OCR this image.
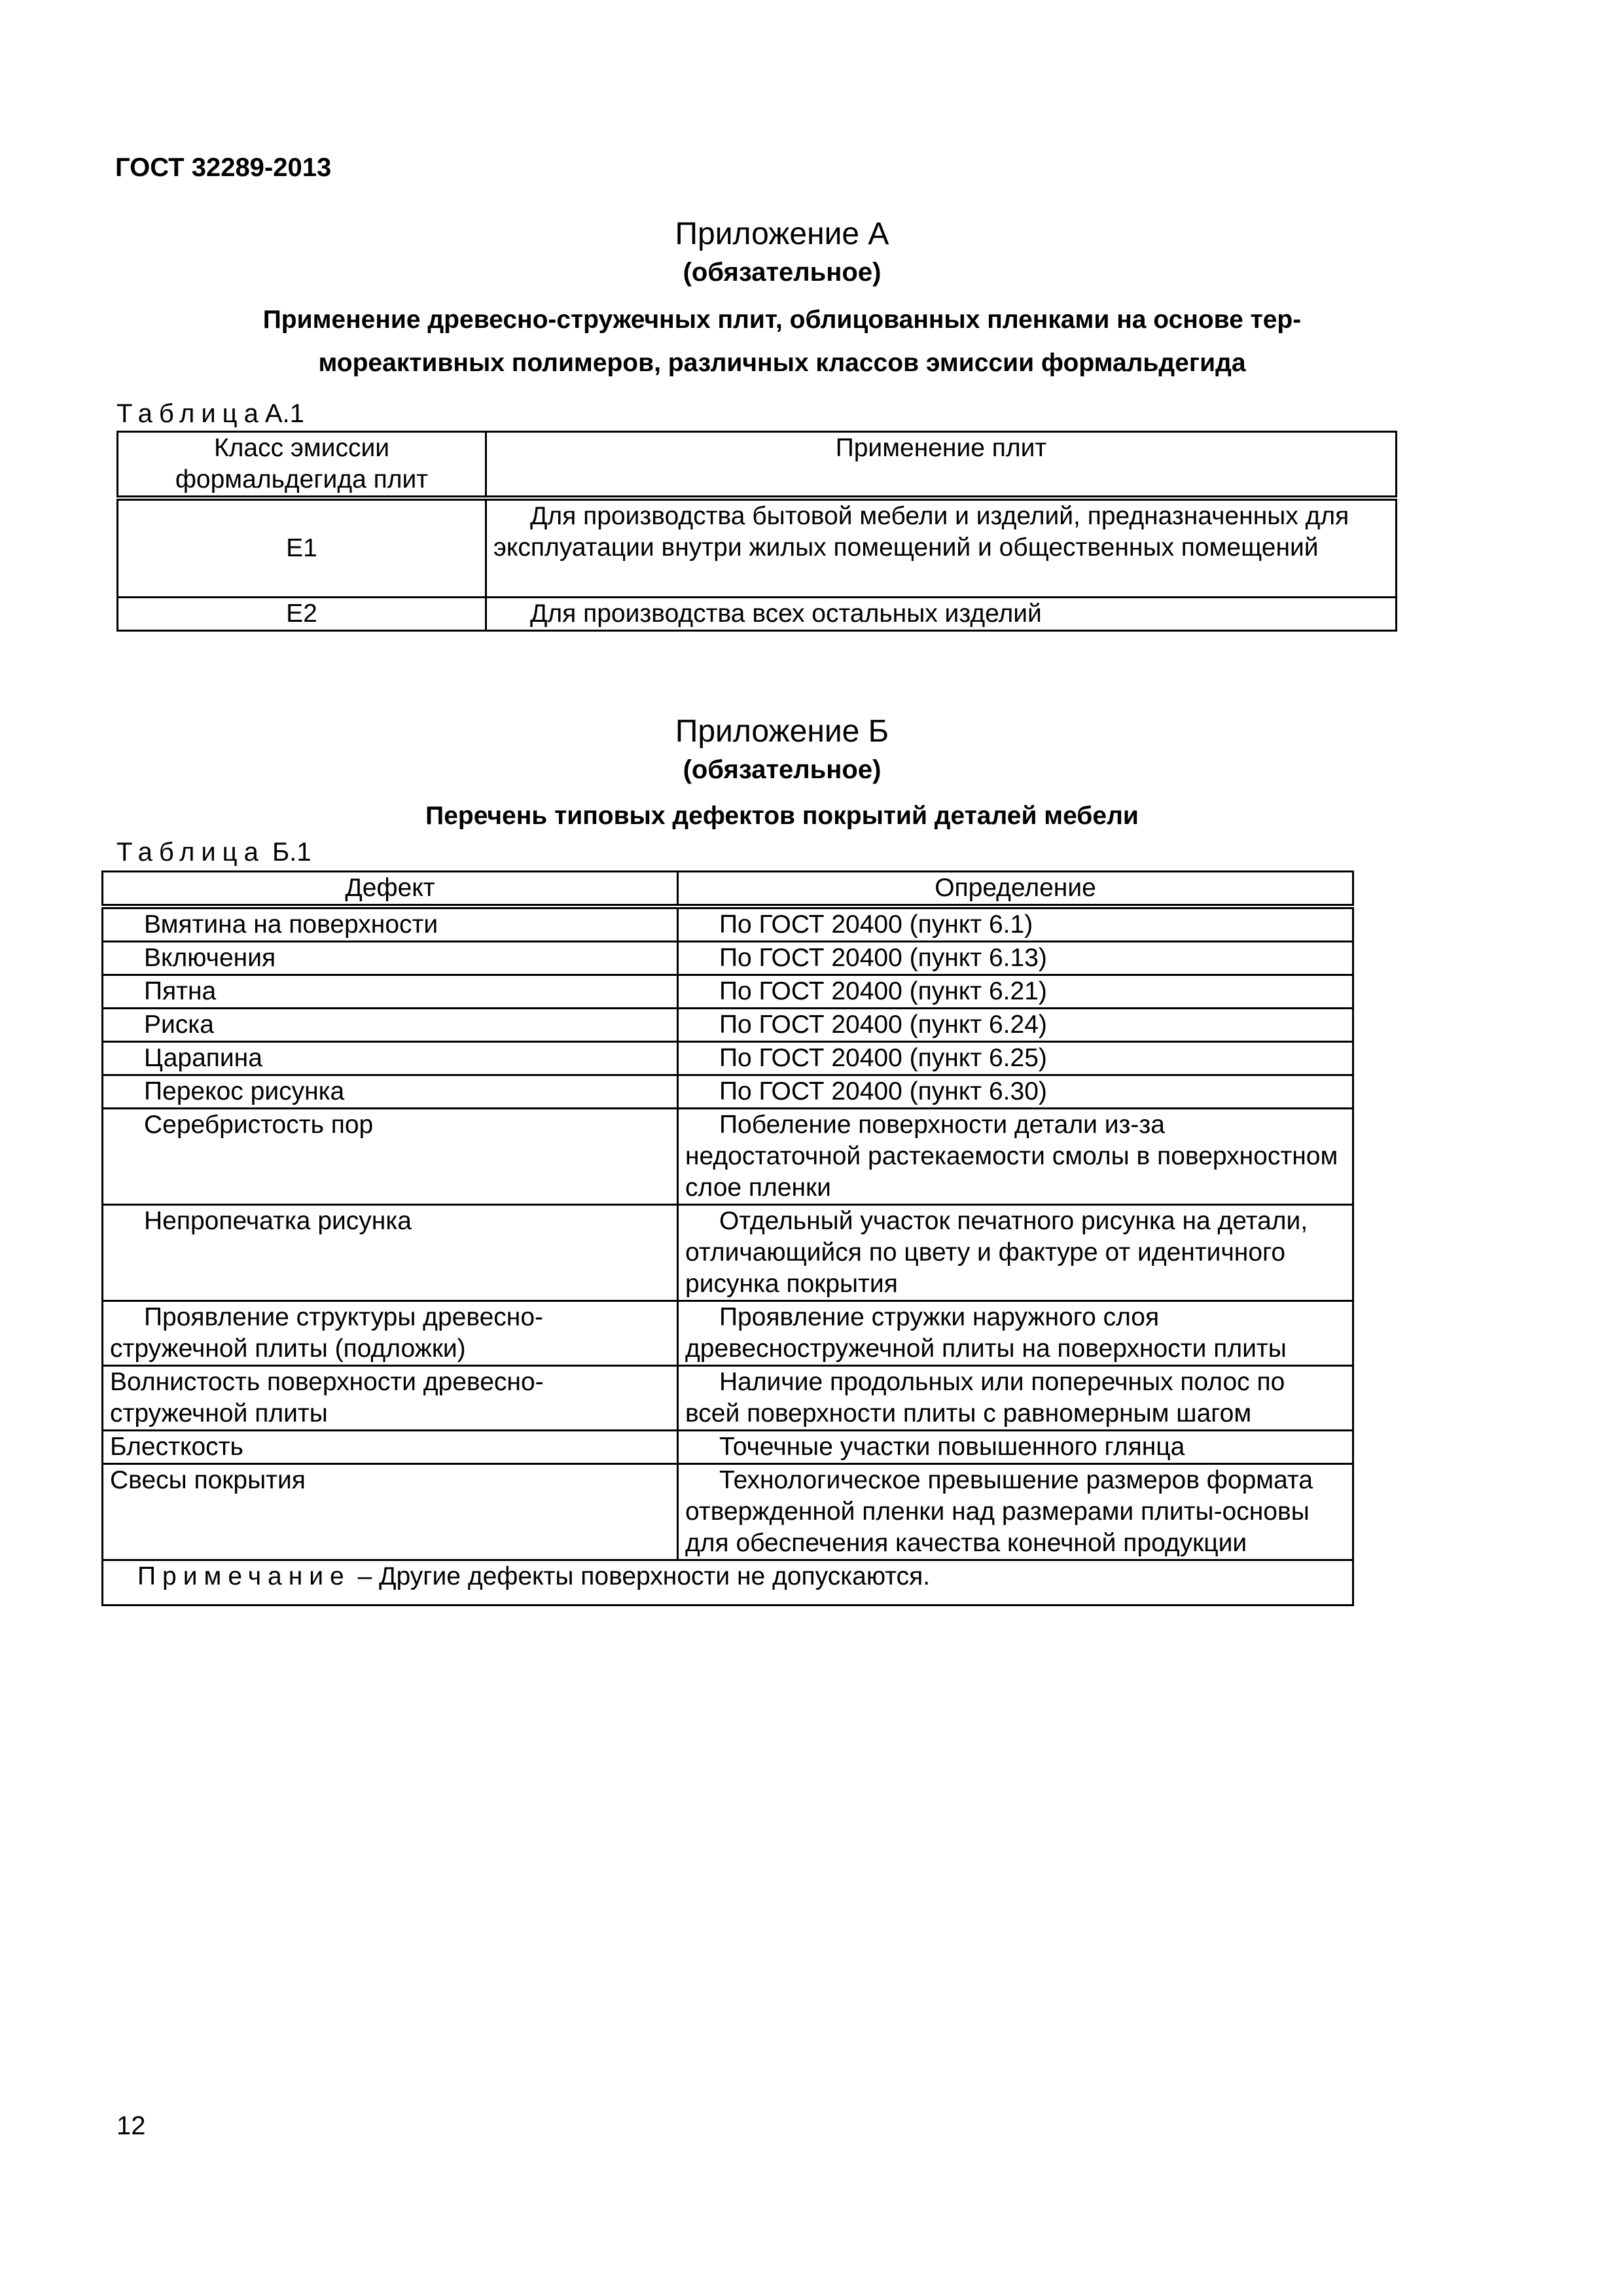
ГОСТ 32289-2013
Приложение А
(обязательное)
Применение древесно-стружечных плит, облицованных пленками на основе тер-
мореактивных полимеров, различных классов эмиссии формальдегида
ТаблицаА.1
Класс эмиссии формальдегида плит	Применение плит
Е1	Для производства бытовой мебели и изделий, предназначенных для эксплуатации внутри жилых помещений и общественных помещений
Е2	Для производства всех остальных изделий
Приложение Б
(обязательное)
Перечень типовых дефектов покрытий деталей мебели
Таблица Б.1
Дефект	Определение
Вмятина на поверхности	По ГОСТ 20400 (пункт 6.1)
Включения	По ГОСТ 20400 (пункт 6.13)
Пятна	По ГОСТ 20400 (пункт 6.21)
Риска	По ГОСТ 20400 (пункт 6.24)
Царапина	По ГОСТ 20400 (пункт 6.25)
Перекос рисунка	По ГОСТ 20400 (пункт 6.30)
Серебристость пор	Побеление поверхности детали из-за недостаточной растекаемости смолы в поверхностном слое пленки
Непропечатка рисунка	Отдельный участок печатного рисунка на детали, отличающийся по цвету и фактуре от идентичного рисунка покрытия
Проявление структуры древесно-стружечной плиты (подложки)	Проявление стружки наружного слоя древесностружечной плиты на поверхности плиты
Волнистость поверхности древесно-стружечной плиты	Наличие продольных или поперечных полос по всей поверхности плиты с равномерным шагом
Блесткость	Точечные участки повышенного глянца
Свесы покрытия	Технологическое превышение размеров формата отвержденной пленки над размерами плиты-основы для обеспечения качества конечной продукции
Примечание – Другие дефекты поверхности не допускаются.	
12
